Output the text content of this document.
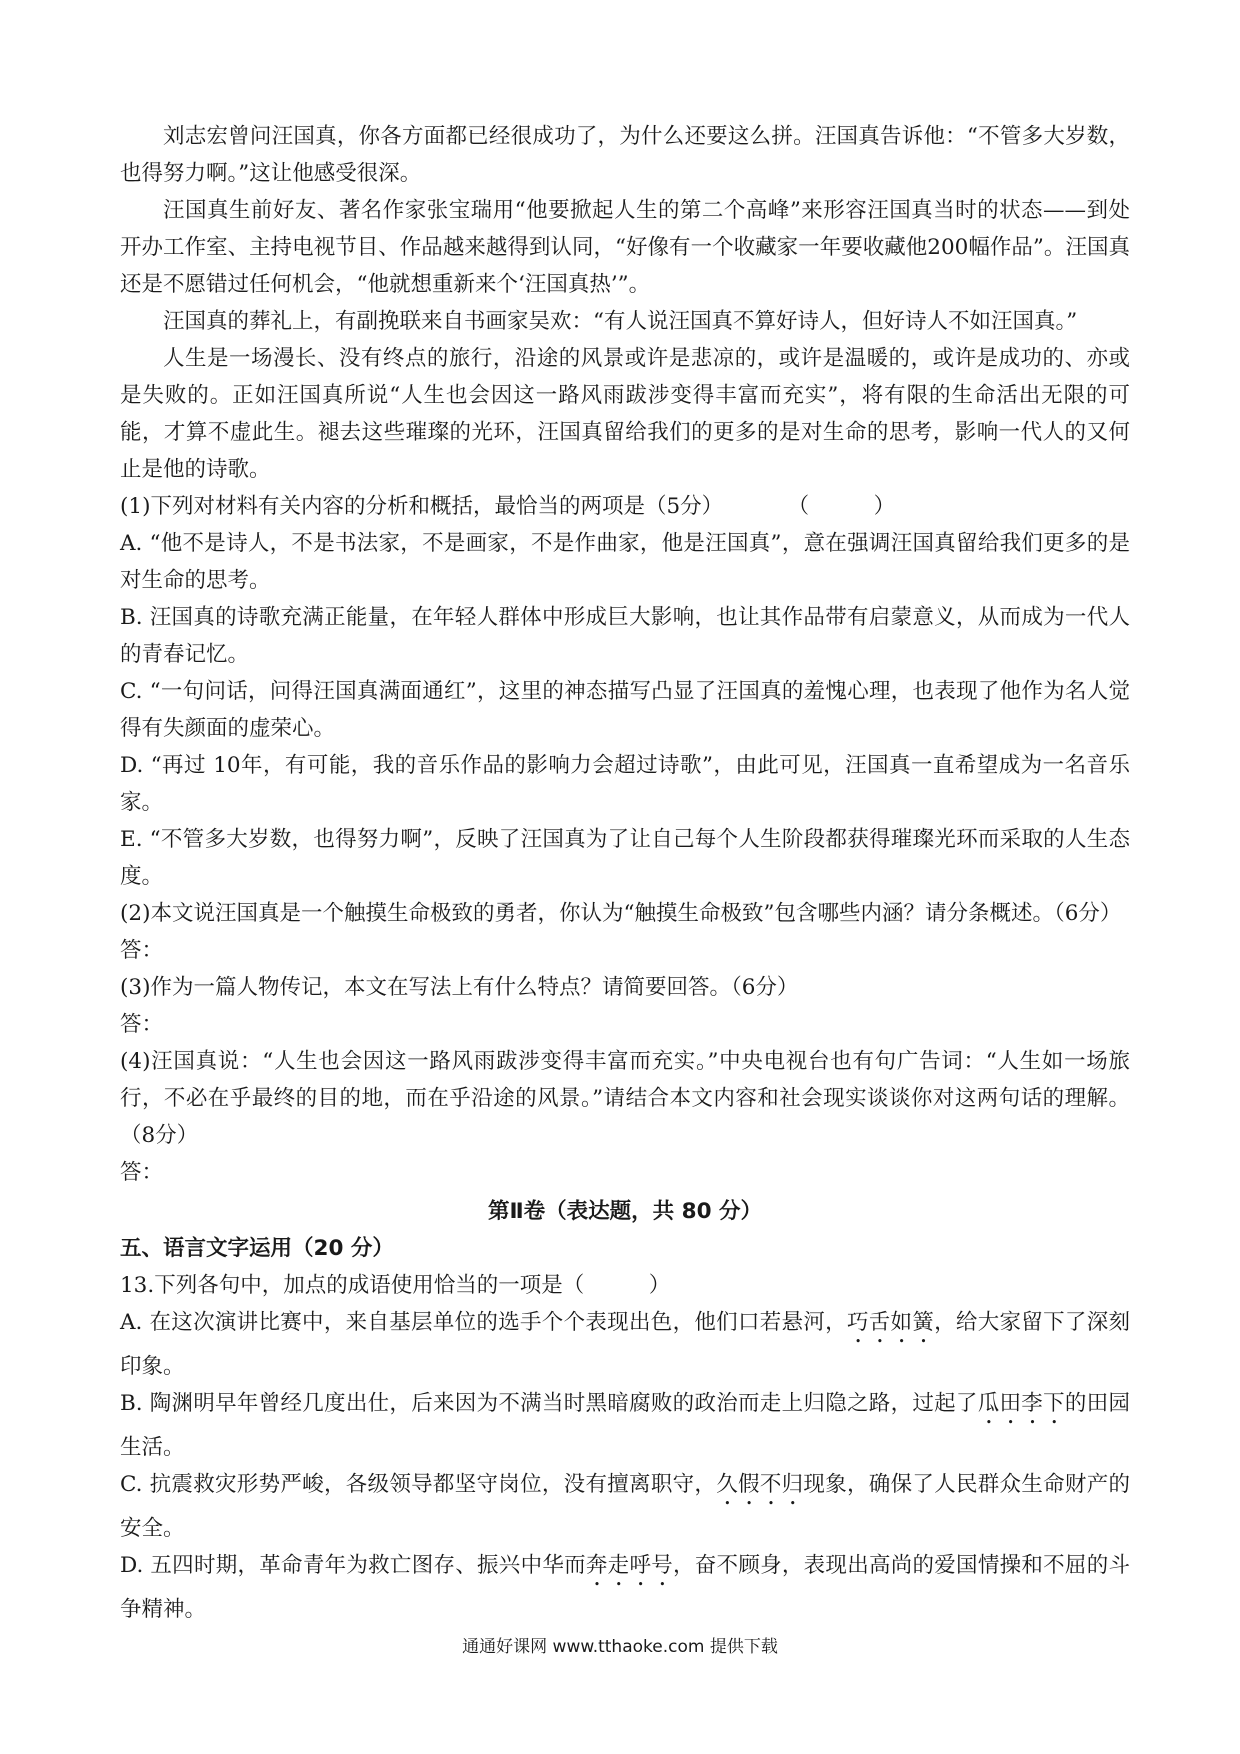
刘志宏曾问汪国真，你各方面都已经很成功了，为什么还要这么拼。汪国真告诉他：“不管多大岁数，也得努力啊。”这让他感受很深。

汪国真生前好友、著名作家张宝瑞用“他要掀起人生的第二个高峰”来形容汪国真当时的状态——到处开办工作室、主持电视节目、作品越来越得到认同，“好像有一个收藏家一年要收藏他200幅作品”。汪国真还是不愿错过任何机会，“他就想重新来个‘汪国真热’”。

汪国真的葬礼上，有副挽联来自书画家吴欢：“有人说汪国真不算好诗人，但好诗人不如汪国真。”

人生是一场漫长、没有终点的旅行，沿途的风景或许是悲凉的，或许是温暖的，或许是成功的、亦或是失败的。正如汪国真所说“人生也会因这一路风雨跋涉变得丰富而充实”，将有限的生命活出无限的可能，才算不虚此生。褪去这些璀璨的光环，汪国真留给我们的更多的是对生命的思考，影响一代人的又何止是他的诗歌。

(1)下列对材料有关内容的分析和概括，最恰当的两项是（5分）　　　　（　　　）

A. “他不是诗人，不是书法家，不是画家，不是作曲家，他是汪国真”，意在强调汪国真留给我们更多的是对生命的思考。

B. 汪国真的诗歌充满正能量，在年轻人群体中形成巨大影响，也让其作品带有启蒙意义，从而成为一代人的青春记忆。

C. “一句问话，问得汪国真满面通红”，这里的神态描写凸显了汪国真的羞愧心理，也表现了他作为名人觉得有失颜面的虚荣心。

D. “再过 10年，有可能，我的音乐作品的影响力会超过诗歌”，由此可见，汪国真一直希望成为一名音乐家。

E. “不管多大岁数，也得努力啊”，反映了汪国真为了让自己每个人生阶段都获得璀璨光环而采取的人生态度。

(2)本文说汪国真是一个触摸生命极致的勇者，你认为“触摸生命极致”包含哪些内涵？请分条概述。（6分）

答：

(3)作为一篇人物传记，本文在写法上有什么特点？请简要回答。（6分）

答：

(4)汪国真说：“人生也会因这一路风雨跋涉变得丰富而充实。”中央电视台也有句广告词：“人生如一场旅行，不必在乎最终的目的地，而在乎沿途的风景。”请结合本文内容和社会现实谈谈你对这两句话的理解。（8分）

答：

第Ⅱ卷（表达题，共 80 分）

五、语言文字运用（20 分）

13.下列各句中，加点的成语使用恰当的一项是（　　　）

A. 在这次演讲比赛中，来自基层单位的选手个个表现出色，他们口若悬河，巧舌如簧，给大家留下了深刻印象。

B. 陶渊明早年曾经几度出仕，后来因为不满当时黑暗腐败的政治而走上归隐之路，过起了瓜田李下的田园生活。

C. 抗震救灾形势严峻，各级领导都坚守岗位，没有擅离职守，久假不归现象，确保了人民群众生命财产的安全。

D. 五四时期，革命青年为救亡图存、振兴中华而奔走呼号，奋不顾身，表现出高尚的爱国情操和不屈的斗争精神。

通通好课网 www.tthaoke.com 提供下载
